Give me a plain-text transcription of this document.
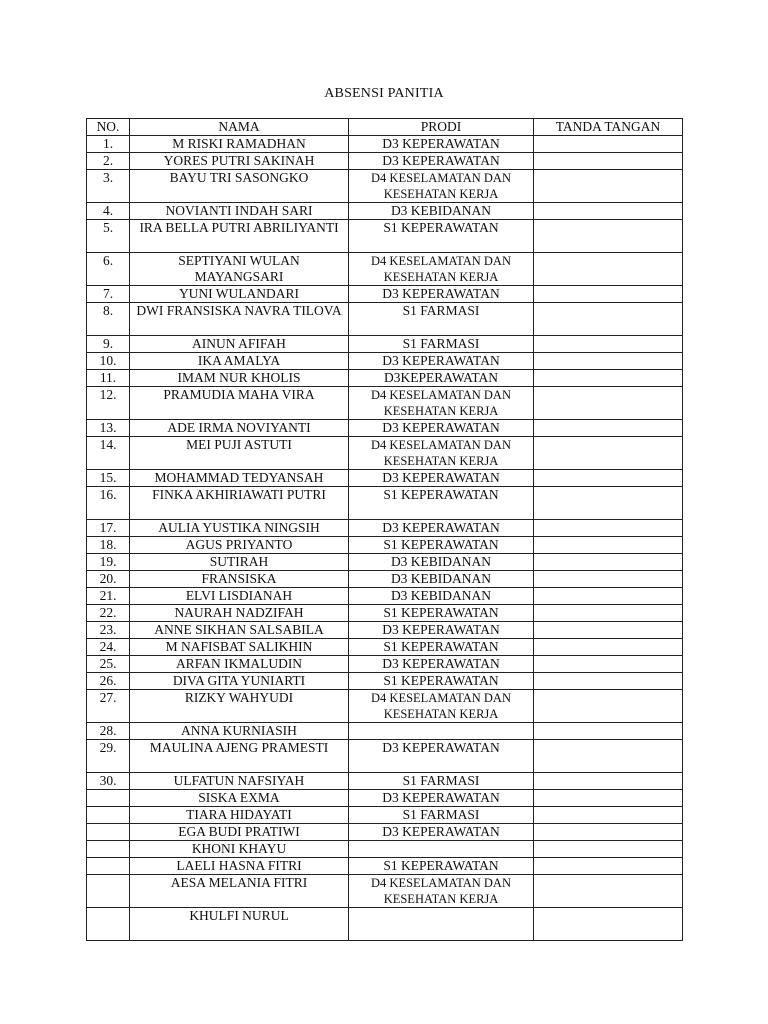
ABSENSI PANITIA
NO.	NAMA	PRODI	TANDA TANGAN
1.	M RISKI RAMADHAN	D3 KEPERAWATAN	
2.	YORES PUTRI SAKINAH	D3 KEPERAWATAN	
3.	BAYU TRI SASONGKO	D4 KESELAMATAN DAN KESEHATAN KERJA	
4.	NOVIANTI INDAH SARI	D3 KEBIDANAN	
5.	IRA BELLA PUTRI ABRILIYANTI	S1 KEPERAWATAN	
6.	SEPTIYANI WULAN MAYANGSARI	D4 KESELAMATAN DAN KESEHATAN KERJA	
7.	YUNI WULANDARI	D3 KEPERAWATAN	
8.	DWI FRANSISKA NAVRA TILOVA	S1 FARMASI	
9.	AINUN AFIFAH	S1 FARMASI	
10.	IKA AMALYA	D3 KEPERAWATAN	
11.	IMAM NUR KHOLIS	D3KEPERAWATAN	
12.	PRAMUDIA MAHA VIRA	D4 KESELAMATAN DAN KESEHATAN KERJA	
13.	ADE IRMA NOVIYANTI	D3 KEPERAWATAN	
14.	MEI PUJI ASTUTI	D4 KESELAMATAN DAN KESEHATAN KERJA	
15.	MOHAMMAD TEDYANSAH	D3 KEPERAWATAN	
16.	FINKA AKHIRIAWATI PUTRI	S1 KEPERAWATAN	
17.	AULIA YUSTIKA NINGSIH	D3 KEPERAWATAN	
18.	AGUS PRIYANTO	S1 KEPERAWATAN	
19.	SUTIRAH	D3 KEBIDANAN	
20.	FRANSISKA	D3 KEBIDANAN	
21.	ELVI LISDIANAH	D3 KEBIDANAN	
22.	NAURAH NADZIFAH	S1 KEPERAWATAN	
23.	ANNE SIKHAN SALSABILA	D3 KEPERAWATAN	
24.	M NAFISBAT SALIKHIN	S1 KEPERAWATAN	
25.	ARFAN IKMALUDIN	D3 KEPERAWATAN	
26.	DIVA GITA YUNIARTI	S1 KEPERAWATAN	
27.	RIZKY WAHYUDI	D4 KESELAMATAN DAN KESEHATAN KERJA	
28.	ANNA KURNIASIH		
29.	MAULINA AJENG PRAMESTI	D3 KEPERAWATAN	
30.	ULFATUN NAFSIYAH	S1 FARMASI	
	SISKA EXMA	D3 KEPERAWATAN	
	TIARA HIDAYATI	S1 FARMASI	
	EGA BUDI PRATIWI	D3 KEPERAWATAN	
	KHONI KHAYU		
	LAELI HASNA FITRI	S1 KEPERAWATAN	
	AESA MELANIA FITRI	D4 KESELAMATAN DAN KESEHATAN KERJA	
	KHULFI NURUL		
